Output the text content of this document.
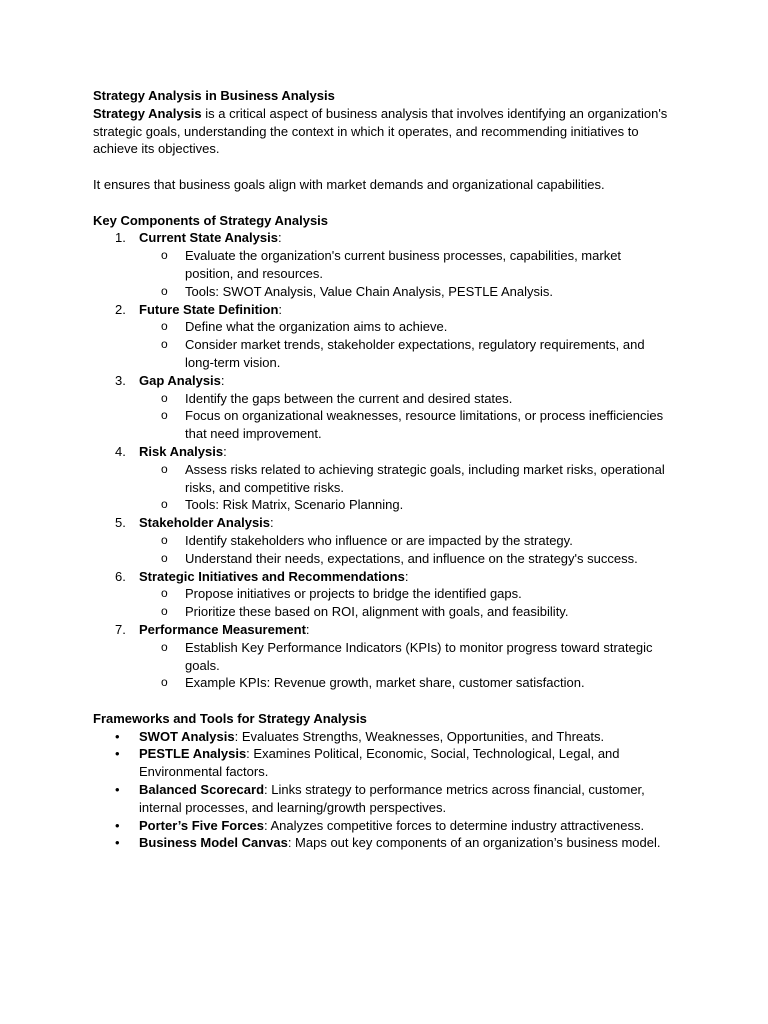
Strategy Analysis in Business Analysis

Strategy Analysis is a critical aspect of business analysis that involves identifying an organization's strategic goals, understanding the context in which it operates, and recommending initiatives to achieve its objectives.

It ensures that business goals align with market demands and organizational capabilities.

Key Components of Strategy Analysis

1.	Current State Analysis:
o Evaluate the organization's current business processes, capabilities, market position, and resources.
o Tools: SWOT Analysis, Value Chain Analysis, PESTLE Analysis.
2.	Future State Definition:
o Define what the organization aims to achieve.
o Consider market trends, stakeholder expectations, regulatory requirements, and long-term vision.
3.	Gap Analysis:
o Identify the gaps between the current and desired states.
o Focus on organizational weaknesses, resource limitations, or process inefficiencies that need improvement.
4.	Risk Analysis:
o Assess risks related to achieving strategic goals, including market risks, operational risks, and competitive risks.
o Tools: Risk Matrix, Scenario Planning.
5.	Stakeholder Analysis:
o Identify stakeholders who influence or are impacted by the strategy.
o Understand their needs, expectations, and influence on the strategy's success.
6.	Strategic Initiatives and Recommendations:
o Propose initiatives or projects to bridge the identified gaps.
o Prioritize these based on ROI, alignment with goals, and feasibility.
7.	Performance Measurement:
o Establish Key Performance Indicators (KPIs) to monitor progress toward strategic goals.
o Example KPIs: Revenue growth, market share, customer satisfaction.

Frameworks and Tools for Strategy Analysis

• SWOT Analysis: Evaluates Strengths, Weaknesses, Opportunities, and Threats.
• PESTLE Analysis: Examines Political, Economic, Social, Technological, Legal, and Environmental factors.
• Balanced Scorecard: Links strategy to performance metrics across financial, customer, internal processes, and learning/growth perspectives.
• Porter’s Five Forces: Analyzes competitive forces to determine industry attractiveness.
• Business Model Canvas: Maps out key components of an organization’s business model.
